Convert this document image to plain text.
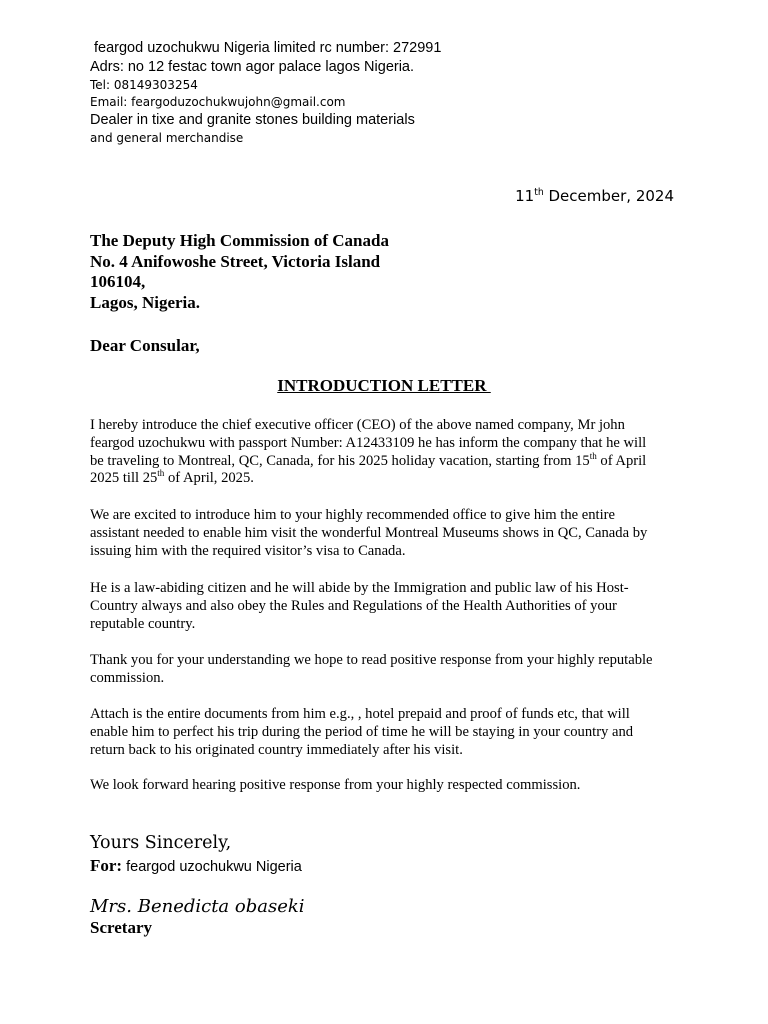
feargod uzochukwu Nigeria limited rc number: 272991
Adrs: no 12 festac town agor palace lagos Nigeria.
Tel: 08149303254
Email: feargoduzochukwujohn@gmail.com
Dealer in tixe and granite stones building materials
and general merchandise
11th December, 2024
The Deputy High Commission of Canada
No. 4 Anifowoshe Street, Victoria Island
106104,
Lagos, Nigeria.
Dear Consular,
INTRODUCTION LETTER
I hereby introduce the chief executive officer (CEO) of the above named company, Mr john
feargod uzochukwu with passport Number: A12433109 he has inform the company that he will
be traveling to Montreal, QC, Canada, for his 2025 holiday vacation, starting from 15th of April
2025 till 25th of April, 2025.
We are excited to introduce him to your highly recommended office to give him the entire
assistant needed to enable him visit the wonderful Montreal Museums shows in QC, Canada by
issuing him with the required visitor’s visa to Canada.
He is a law-abiding citizen and he will abide by the Immigration and public law of his Host-
Country always and also obey the Rules and Regulations of the Health Authorities of your
reputable country.
Thank you for your understanding we hope to read positive response from your highly reputable
commission.
Attach is the entire documents from him e.g., , hotel prepaid and proof of funds etc, that will
enable him to perfect his trip during the period of time he will be staying in your country and
return back to his originated country immediately after his visit.
We look forward hearing positive response from your highly respected commission.
Yours Sincerely,
For: feargod uzochukwu Nigeria
Mrs. Benedicta obaseki
Scretary
